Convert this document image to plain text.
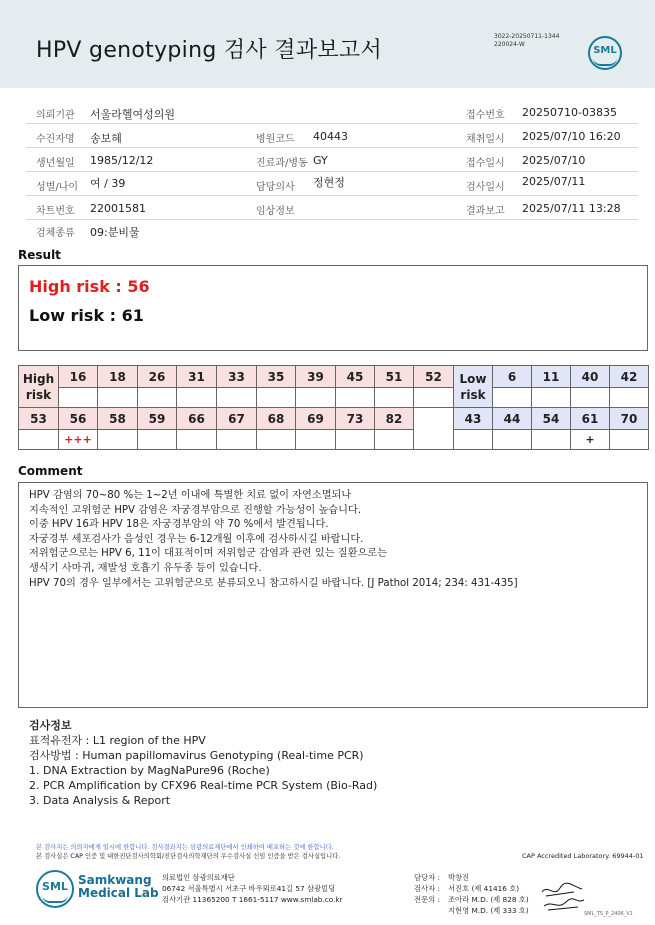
HPV genotyping 검사 결과보고서
3022-20250711-1344
220024-W
SML
의뢰기관 서울라헬여성의원	접수번호 20250710-03835
수진자명 송보혜	병원코드 40443	채취일시 2025/07/10 16:20
생년월일 1985/12/12	진료과/병동 GY	접수일시 2025/07/10
성별/나이 여 / 39	담당의사 정현정	검사일시 2025/07/11
차트번호 22001581	임상정보	결과보고 2025/07/11 13:28
검체종류 09:분비물
Result
High risk : 56
Low risk : 61
High risk	16	18	26	31	33	35	39	45	51	52	Low risk	6	11	40	42

53	56	58	59	66	67	68	69	73	82		43	44	54	61	70
	+++													+	
Comment
HPV 감염의 70~80 %는 1~2년 이내에 특별한 치료 없이 자연소멸되나
지속적인 고위험군 HPV 감염은 자궁경부암으로 진행할 가능성이 높습니다.
이중 HPV 16과 HPV 18은 자궁경부암의 약 70 %에서 발견됩니다.
자궁경부 세포검사가 음성인 경우는 6-12개월 이후에 검사하시길 바랍니다.
저위험군으로는 HPV 6, 11이 대표적이며 저위험군 감염과 관련 있는 질환으로는
생식기 사마귀, 재발성 호흡기 유두종 등이 있습니다.
HPV 70의 경우 일부에서는 고위험군으로 분류되오니 참고하시길 바랍니다. [J Pathol 2014; 234: 431-435]
검사정보
표적유전자 : L1 region of the HPV
검사방법 : Human papillomavirus Genotyping (Real-time PCR)
1. DNA Extraction by MagNaPure96 (Roche)
2. PCR Amplification by CFX96 Real-time PCR System (Bio-Rad)
3. Data Analysis & Report
본 검사지는 의뢰자에게 일시에 한합니다. 검사결과지는 삼광의료재단에서 인쇄하여 배포하는 것에 한합니다.
본 검사실은 CAP 인증 및 대한진단검사의학회/진단검사의학재단의 우수검사실 신임 인증을 받은 검사실입니다.	CAP Accredited Laboratory. 69944-01
SML Samkwang
Medical Lab
의료법인 삼광의료재단
06742 서울특별시 서초구 바우뫼로41길 57 삼광빌딩
검사기관 11365200 T 1661-5117 www.smlab.co.kr
담당자 : 박창진
검사자 : 서진호 (제 41416 호)
전문의 : 조아라 M.D. (제 828 호)
지현영 M.D. (제 333 호)	SML_TS_P_2406_V1
